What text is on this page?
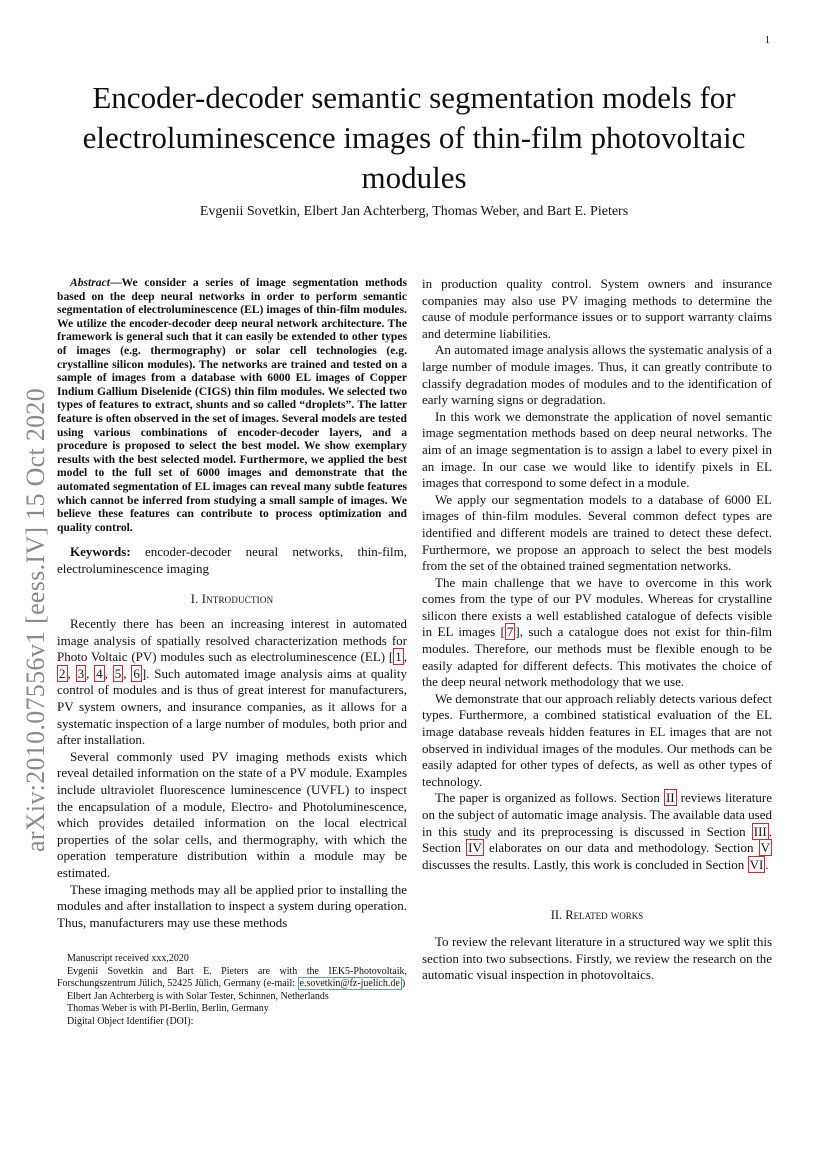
1
arXiv:2010.07556v1 [eess.IV] 15 Oct 2020
Encoder-decoder semantic segmentation models for electroluminescence images of thin-film photovoltaic modules
Evgenii Sovetkin, Elbert Jan Achterberg, Thomas Weber, and Bart E. Pieters

Abstract—We consider a series of image segmentation methods based on the deep neural networks in order to perform semantic segmentation of electroluminescence (EL) images of thin-film modules. We utilize the encoder-decoder deep neural network architecture. The framework is general such that it can easily be extended to other types of images (e.g. thermography) or solar cell technologies (e.g. crystalline silicon modules). The networks are trained and tested on a sample of images from a database with 6000 EL images of Copper Indium Gallium Diselenide (CIGS) thin film modules. We selected two types of features to extract, shunts and so called “droplets”. The latter feature is often observed in the set of images. Several models are tested using various combinations of encoder-decoder layers, and a procedure is proposed to select the best model. We show exemplary results with the best selected model. Furthermore, we applied the best model to the full set of 6000 images and demonstrate that the automated segmentation of EL images can reveal many subtle features which cannot be inferred from studying a small sample of images. We believe these features can contribute to process optimization and quality control.

Keywords: encoder-decoder neural networks, thin-film, electroluminescence imaging

I. Introduction

Recently there has been an increasing interest in automated image analysis of spatially resolved characterization methods for Photo Voltaic (PV) modules such as electroluminescence (EL) [ 1 , 2 , 3 , 4 , 5 , 6 ]. Such automated image analysis aims at quality control of modules and is thus of great interest for manufacturers, PV system owners, and insurance companies, as it allows for a systematic inspection of a large number of modules, both prior and after installation.

Several commonly used PV imaging methods exists which reveal detailed information on the state of a PV module. Examples include ultraviolet fluorescence luminescence (UVFL) to inspect the encapsulation of a module, Electro- and Photoluminescence, which provides detailed information on the local electrical properties of the solar cells, and thermography, with which the operation temperature distribution within a module may be estimated.

These imaging methods may all be applied prior to installing the modules and after installation to inspect a system during operation. Thus, manufacturers may use these methods

Manuscript received xxx,2020

Evgenii Sovetkin and Bart E. Pieters are with the IEK5-Photovoltaik, Forschungszentrum Jülich, 52425 Jülich, Germany (e-mail: e.sovetkin@fz-juelich.de )

Elbert Jan Achterberg is with Solar Tester, Schinnen, Netherlands

Thomas Weber is with PI-Berlin, Berlin, Germany

Digital Object Identifier (DOI):

in production quality control. System owners and insurance companies may also use PV imaging methods to determine the cause of module performance issues or to support warranty claims and determine liabilities.

An automated image analysis allows the systematic analysis of a large number of module images. Thus, it can greatly contribute to classify degradation modes of modules and to the identification of early warning signs or degradation.

In this work we demonstrate the application of novel semantic image segmentation methods based on deep neural networks. The aim of an image segmentation is to assign a label to every pixel in an image. In our case we would like to identify pixels in EL images that correspond to some defect in a module.

We apply our segmentation models to a database of 6000 EL images of thin-film modules. Several common defect types are identified and different models are trained to detect these defect. Furthermore, we propose an approach to select the best models from the set of the obtained trained segmentation networks.

The main challenge that we have to overcome in this work comes from the type of our PV modules. Whereas for crystalline silicon there exists a well established catalogue of defects visible in EL images [ 7 ], such a catalogue does not exist for thin-film modules. Therefore, our methods must be flexible enough to be easily adapted for different defects. This motivates the choice of the deep neural network methodology that we use.

We demonstrate that our approach reliably detects various defect types. Furthermore, a combined statistical evaluation of the EL image database reveals hidden features in EL images that are not observed in individual images of the modules. Our methods can be easily adapted for other types of defects, as well as other types of technology.

The paper is organized as follows. Section II reviews literature on the subject of automatic image analysis. The available data used in this study and its preprocessing is discussed in Section III . Section IV elaborates on our data and methodology. Section V discusses the results. Lastly, this work is concluded in Section VI .

II. Related works

To review the relevant literature in a structured way we split this section into two subsections. Firstly, we review the research on the automatic visual inspection in photovoltaics.
